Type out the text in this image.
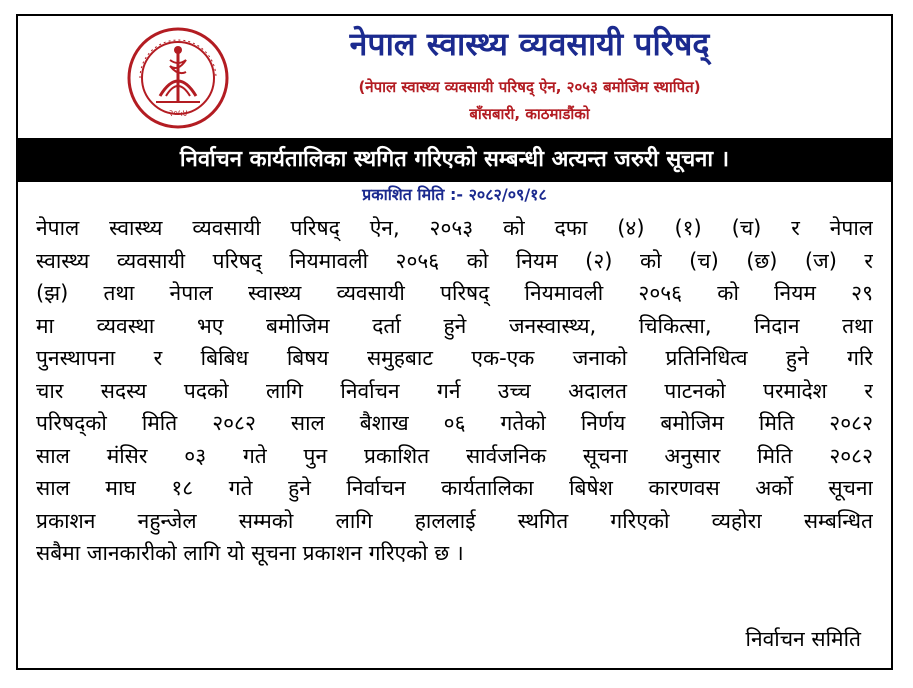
२०५४
नेपाल स्वास्थ्य व्यवसायी परिषद्
(नेपाल स्वास्थ्य व्यवसायी परिषद् ऐन, २०५३ बमोजिम स्थापित)
बाँसबारी, काठमाडौंको
निर्वाचन कार्यतालिका स्थगित गरिएको सम्बन्धी अत्यन्त जरुरी सूचना ।
प्रकाशित मिति :- २०८२/०९/१८
नेपाल स्वास्थ्य व्यवसायी परिषद् ऐन, २०५३ को दफा (४) (१) (च) र नेपाल
स्वास्थ्य व्यवसायी परिषद् नियमावली २०५६ को नियम (२) को (च) (छ) (ज) र
(झ) तथा नेपाल स्वास्थ्य व्यवसायी परिषद् नियमावली २०५६ को नियम २९
मा व्यवस्था भए बमोजिम दर्ता हुने जनस्वास्थ्य, चिकित्सा, निदान तथा
पुनस्थापना र बिबिध बिषय समुहबाट एक-एक जनाको प्रतिनिधित्व हुने गरि
चार सदस्य पदको लागि निर्वाचन गर्न उच्च अदालत पाटनको परमादेश र
परिषद्को मिति २०८२ साल बैशाख ०६ गतेको निर्णय बमोजिम मिति २०८२
साल मंसिर ०३ गते पुन प्रकाशित सार्वजनिक सूचना अनुसार मिति २०८२
साल माघ १८ गते हुने निर्वाचन कार्यतालिका बिषेश कारणवस अर्को सूचना
प्रकाशन नहुन्जेल सम्मको लागि हाललाई स्थगित गरिएको व्यहोरा सम्बन्धित
सबैमा जानकारीको लागि यो सूचना प्रकाशन गरिएको छ ।
निर्वाचन समिति
